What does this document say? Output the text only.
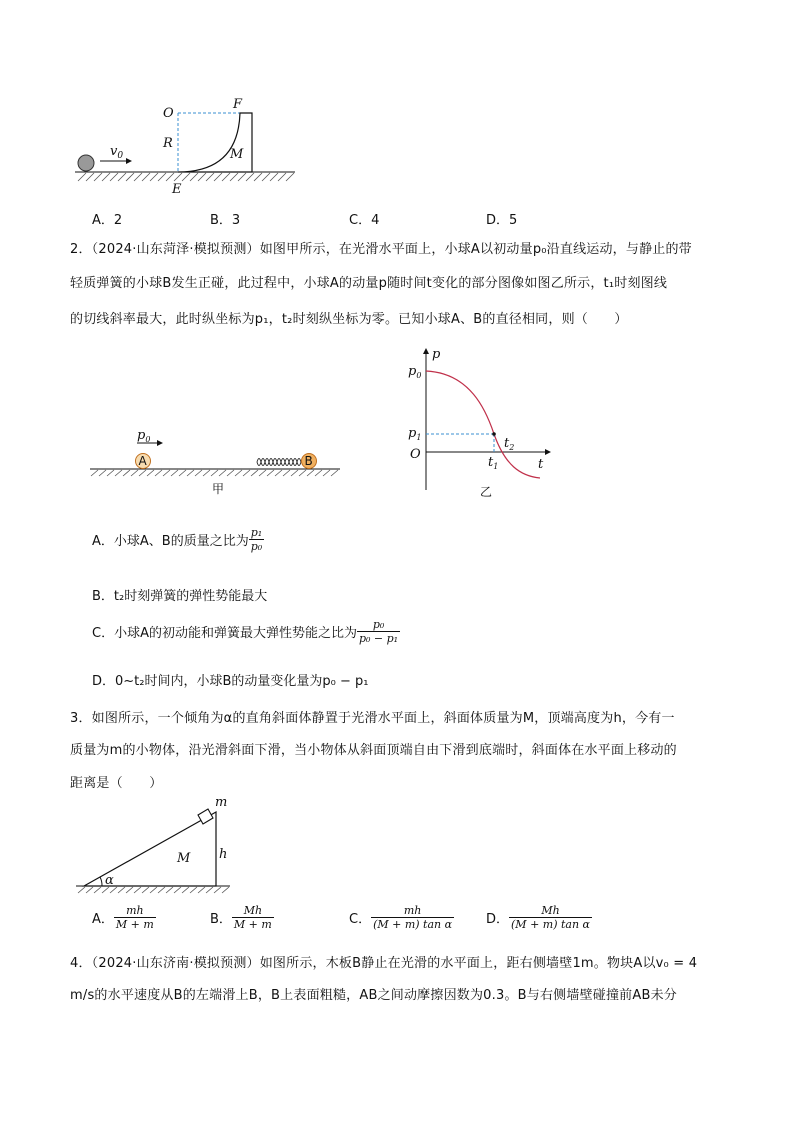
$v_0$
O
F
R
M
E
A．2	B．3	C．4	D．5
2．（2024·山东菏泽·模拟预测）如图甲所示，在光滑水平面上，小球A以初动量p₀沿直线运动，与静止的带
轻质弹簧的小球B发生正碰，此过程中，小球A的动量p随时间t变化的部分图像如图乙所示，t₁时刻图线
的切线斜率最大，此时纵坐标为p₁，t₂时刻纵坐标为零。已知小球A、B的直径相同，则（　　）
$p_0$
A	B
甲
p
t
O
$p_0$
$p_1$
$t_1$
$t_2$
乙
A．小球A、B的质量之比为 $\frac{\text{p₁}}{\text{p₀}}$
B．t₂时刻弹簧的弹性势能最大
C．小球A的初动能和弹簧最大弹性势能之比为 $\frac{\text{p₀}}{\text{p₀ − p₁}}$
D．0~t₂时间内，小球B的动量变化量为p₀ − p₁
3．如图所示，一个倾角为α的直角斜面体静置于光滑水平面上，斜面体质量为M，顶端高度为h，今有一
质量为m的小物体，沿光滑斜面下滑，当小物体从斜面顶端自由下滑到底端时，斜面体在水平面上移动的
距离是（　　）
α
m
M h
A． $\frac{mh}{M + m}$	B． $\frac{Mh}{M + m}$	C． $\frac{mh}{\text{(M + m) tan α}}$ D． $\frac{Mh}{\text{(M + m) tan α}}$
4．（2024·山东济南·模拟预测）如图所示，木板B静止在光滑的水平面上，距右侧墙壁1m。物块A以v₀ = 4
m/s的水平速度从B的左端滑上B，B上表面粗糙，AB之间动摩擦因数为0.3。B与右侧墙壁碰撞前AB未分
